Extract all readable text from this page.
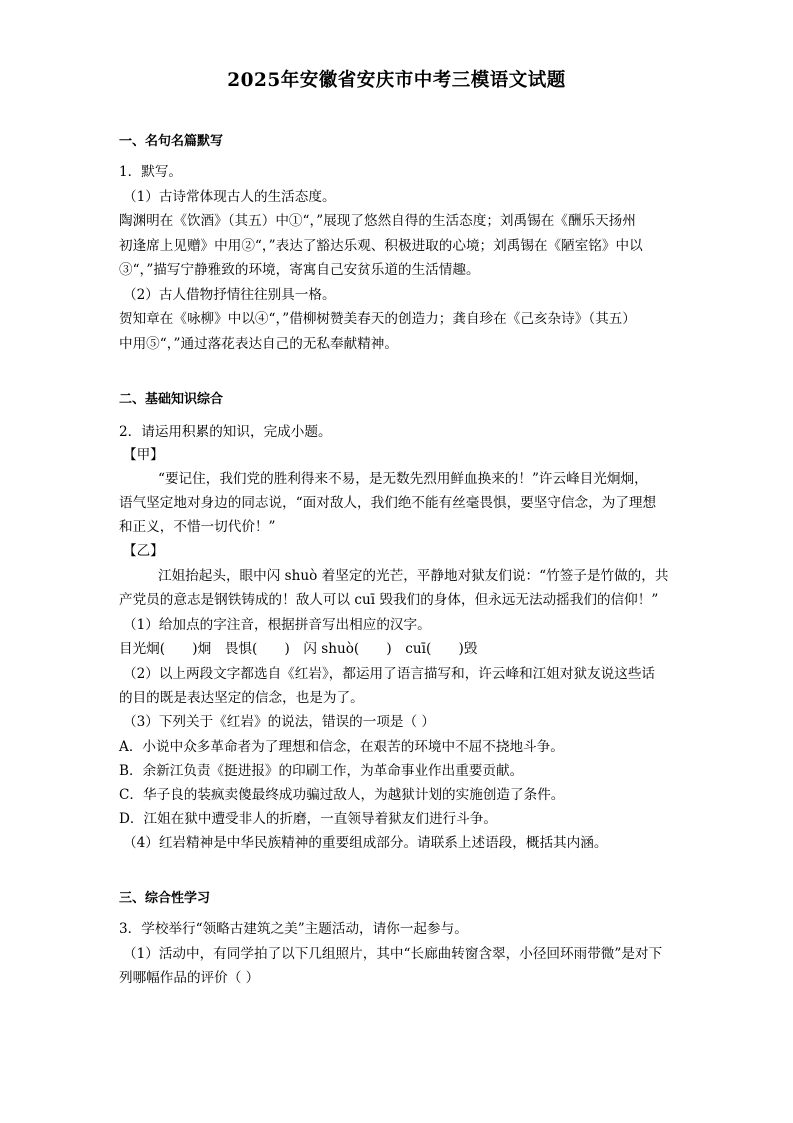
2025年安徽省安庆市中考三模语文试题
一、名句名篇默写
1．默写。
（1）古诗常体现古人的生活态度。
陶渊明在《饮酒》（其五）中①“，”展现了悠然自得的生活态度；刘禹锡在《酬乐天扬州
初逢席上见赠》中用②“，”表达了豁达乐观、积极进取的心境；刘禹锡在《陋室铭》中以
③“，”描写宁静雅致的环境，寄寓自己安贫乐道的生活情趣。
（2）古人借物抒情往往别具一格。
贺知章在《咏柳》中以④“，”借柳树赞美春天的创造力；龚自珍在《己亥杂诗》（其五）
中用⑤“，”通过落花表达自己的无私奉献精神。
二、基础知识综合
2．请运用积累的知识，完成小题。
【甲】
“要记住，我们党的胜利得来不易，是无数先烈用鲜血换来的！”许云峰目光炯炯，
语气坚定地对身边的同志说，“面对敌人，我们绝不能有丝毫畏惧，要坚守信念，为了理想
和正义，不惜一切代价！”
【乙】
江姐抬起头，眼中闪 shuò 着坚定的光芒，平静地对狱友们说：“竹签子是竹做的，共
产党员的意志是钢铁铸成的！敌人可以 cuī 毁我们的身体，但永远无法动摇我们的信仰！”
（1）给加点的字注音，根据拼音写出相应的汉字。
目光炯(　　)炯　畏惧(　　)　闪 shuò(　　)　cuī(　　)毁
（2）以上两段文字都选自《红岩》，都运用了语言描写和，许云峰和江姐对狱友说这些话
的目的既是表达坚定的信念，也是为了。
（3）下列关于《红岩》的说法，错误的一项是（ ）
A．小说中众多革命者为了理想和信念，在艰苦的环境中不屈不挠地斗争。
B．余新江负责《挺进报》的印刷工作，为革命事业作出重要贡献。
C．华子良的装疯卖傻最终成功骗过敌人，为越狱计划的实施创造了条件。
D．江姐在狱中遭受非人的折磨，一直领导着狱友们进行斗争。
（4）红岩精神是中华民族精神的重要组成部分。请联系上述语段，概括其内涵。
三、综合性学习
3．学校举行“领略古建筑之美”主题活动，请你一起参与。
（1）活动中，有同学拍了以下几组照片，其中“长廊曲转窗含翠，小径回环雨带微”是对下
列哪幅作品的评价（ ）
